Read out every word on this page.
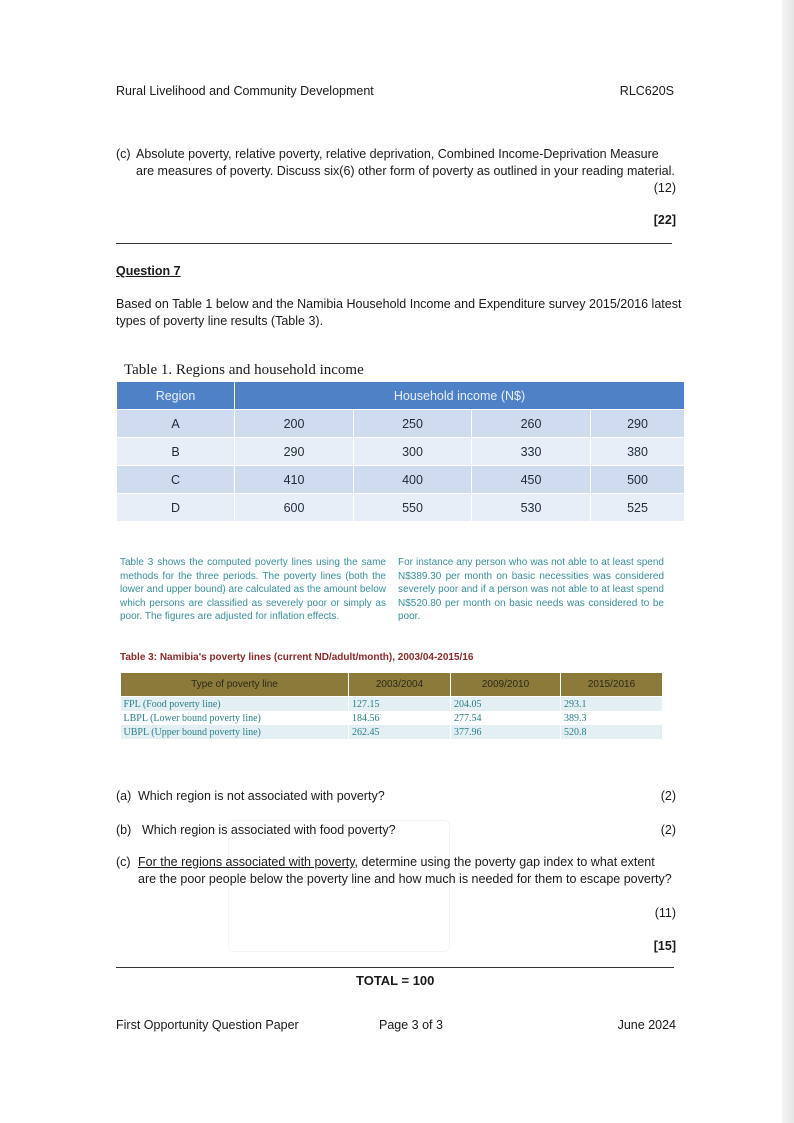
Rural Livelihood and Community Development	RLC620S
(c) Absolute poverty, relative poverty, relative deprivation, Combined Income-Deprivation Measure are measures of poverty. Discuss six(6) other form of poverty as outlined in your reading material.
(12)
[22]
Question 7
Based on Table 1 below and the Namibia Household Income and Expenditure survey 2015/2016 latest types of poverty line results (Table 3).
Table 1. Regions and household income
Region	Household income (N$)			
A	200	250	260	290
B	290	300	330	380
C	410	400	450	500
D	600	550	530	525
Table 3 shows the computed poverty lines using the same methods for the three periods. The poverty lines (both the lower and upper bound) are calculated as the amount below which persons are classified as severely poor or simply as poor. The figures are adjusted for inflation effects.
For instance any person who was not able to at least spend N$389.30 per month on basic necessities was considered severely poor and if a person was not able to at least spend N$520.80 per month on basic needs was considered to be poor.
Table 3: Namibia's poverty lines (current ND/adult/month), 2003/04-2015/16
Type of poverty line	2003/2004	2009/2010	2015/2016
FPL (Food poverty line)	127.15	204.05	293.1
LBPL (Lower bound poverty line)	184.56	277.54	389.3
UBPL (Upper bound poverty line)	262.45	377.96	520.8
(a) Which region is not associated with poverty?	(2)
(b) Which region is associated with food poverty?	(2)
(c) For the regions associated with poverty, determine using the poverty gap index to what extent are the poor people below the poverty line and how much is needed for them to escape poverty?
(11)
[15]
TOTAL = 100
First Opportunity Question Paper	Page 3 of 3	June 2024
